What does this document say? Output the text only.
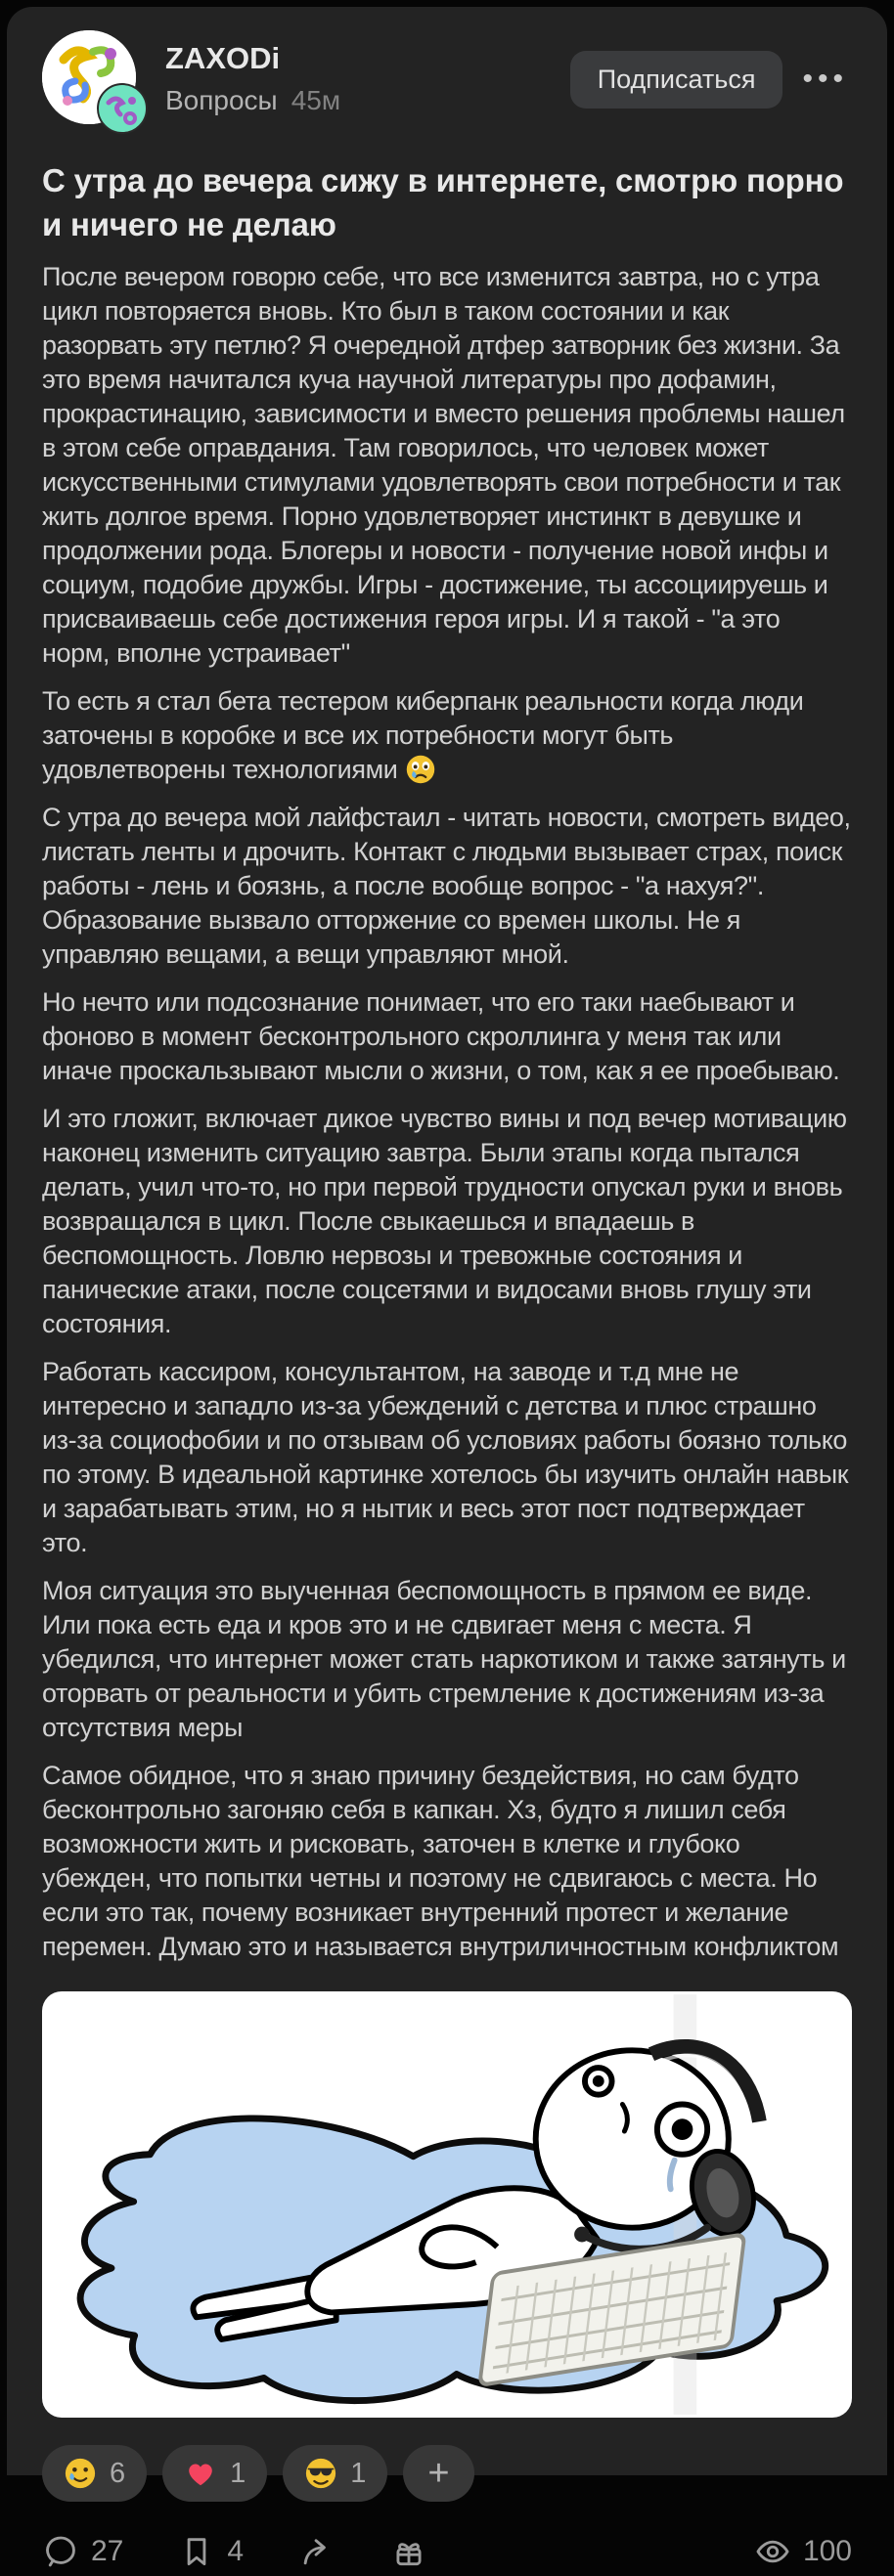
ZAXODi
Вопросы 45м
Подписаться	•••
С утра до вечера сижу в интернете, смотрю порно и ничего не делаю

После вечером говорю себе, что все изменится завтра, но с утра цикл повторяется вновь. Кто был в таком состоянии и как разорвать эту петлю? Я очередной дтфер затворник без жизни. За это время начитался куча научной литературы про дофамин, прокрастинацию, зависимости и вместо решения проблемы нашел в этом себе оправдания. Там говорилось, что человек может искусственными стимулами удовлетворять свои потребности и так жить долгое время. Порно удовлетворяет инстинкт в девушке и продолжении рода. Блогеры и новости - получение новой инфы и социум, подобие дружбы. Игры - достижение, ты ассоциируешь и присваиваешь себе достижения героя игры. И я такой - "а это норм, вполне устраивает"

То есть я стал бета тестером киберпанк реальности когда люди заточены в коробке и все их потребности могут быть удовлетворены технологиями

С утра до вечера мой лайфстаил - читать новости, смотреть видео, листать ленты и дрочить. Контакт с людьми вызывает страх, поиск работы - лень и боязнь, а после вообще вопрос - "а нахуя?". Образование вызвало отторжение со времен школы. Не я управляю вещами, а вещи управляют мной.

Но нечто или подсознание понимает, что его таки наебывают и фоново в момент бесконтрольного скроллинга у меня так или иначе проскальзывают мысли о жизни, о том, как я ее проебываю.

И это гложит, включает дикое чувство вины и под вечер мотивацию наконец изменить ситуацию завтра. Были этапы когда пытался делать, учил что-то, но при первой трудности опускал руки и вновь возвращался в цикл. После свыкаешься и впадаешь в беспомощность. Ловлю нервозы и тревожные состояния и панические атаки, после соцсетями и видосами вновь глушу эти состояния.

Работать кассиром, консультантом, на заводе и т.д мне не интересно и западло из-за убеждений с детства и плюс страшно из-за социофобии и по отзывам об условиях работы боязно только по этому. В идеальной картинке хотелось бы изучить онлайн навык и зарабатывать этим, но я нытик и весь этот пост подтверждает это.

Моя ситуация это выученная беспомощность в прямом ее виде. Или пока есть еда и кров это и не сдвигает меня с места. Я убедился, что интернет может стать наркотиком и также затянуть и оторвать от реальности и убить стремление к достижениям из-за отсутствия меры

Самое обидное, что я знаю причину бездействия, но сам будто бесконтрольно загоняю себя в капкан. Хз, будто я лишил себя возможности жить и рисковать, заточен в клетке и глубоко убежден, что попытки четны и поэтому не сдвигаюсь с места. Но если это так, почему возникает внутренний протест и желание перемен. Думаю это и называется внутриличностным конфликтом

6	1	1	+
27	4	100
